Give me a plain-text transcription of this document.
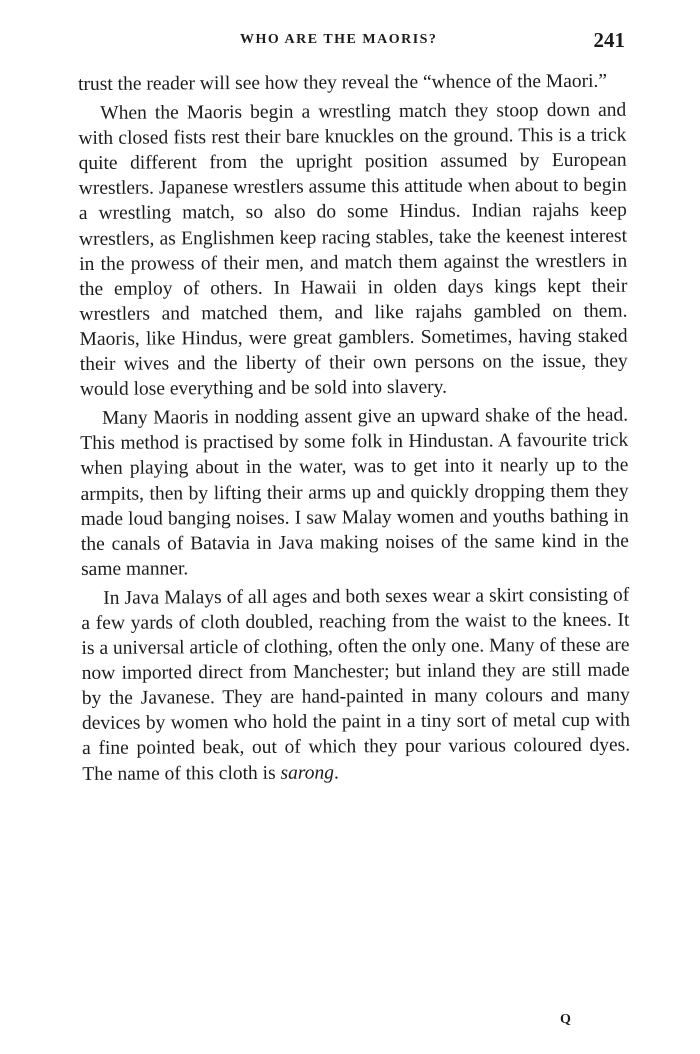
WHO ARE THE MAORIS?	241

trust the reader will see how they reveal the “whence of the Maori.”

When the Maoris begin a wrestling match they stoop down and with closed fists rest their bare knuckles on the ground. This is a trick quite different from the upright position assumed by European wrestlers. Japanese wrestlers assume this attitude when about to begin a wrestling match, so also do some Hindus. Indian rajahs keep wrestlers, as Englishmen keep racing stables, take the keenest interest in the prowess of their men, and match them against the wrestlers in the employ of others. In Hawaii in olden days kings kept their wrestlers and matched them, and like rajahs gambled on them. Maoris, like Hindus, were great gamblers. Sometimes, having staked their wives and the liberty of their own persons on the issue, they would lose everything and be sold into slavery.

Many Maoris in nodding assent give an upward shake of the head. This method is practised by some folk in Hindustan. A favourite trick when playing about in the water, was to get into it nearly up to the armpits, then by lifting their arms up and quickly dropping them they made loud banging noises. I saw Malay women and youths bathing in the canals of Batavia in Java making noises of the same kind in the same manner.

In Java Malays of all ages and both sexes wear a skirt consisting of a few yards of cloth doubled, reaching from the waist to the knees. It is a universal article of clothing, often the only one. Many of these are now imported direct from Manchester; but inland they are still made by the Javanese. They are hand-painted in many colours and many devices by women who hold the paint in a tiny sort of metal cup with a fine pointed beak, out of which they pour various coloured dyes. The name of this cloth is sarong.

Q
